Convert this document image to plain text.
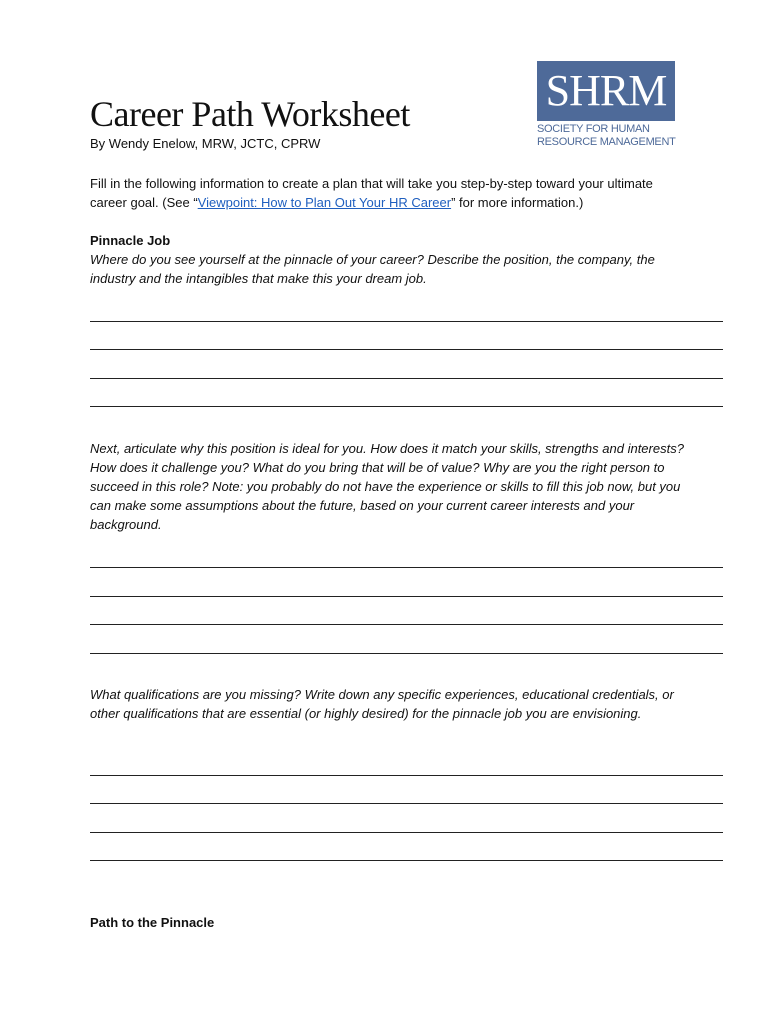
Career Path Worksheet
By Wendy Enelow, MRW, JCTC, CPRW
SHRM
SOCIETY FOR HUMAN
RESOURCE MANAGEMENT
Fill in the following information to create a plan that will take you step-by-step toward your ultimate career goal. (See “Viewpoint: How to Plan Out Your HR Career” for more information.)
Pinnacle Job
Where do you see yourself at the pinnacle of your career? Describe the position, the company, the industry and the intangibles that make this your dream job.
Next, articulate why this position is ideal for you. How does it match your skills, strengths and interests? How does it challenge you? What do you bring that will be of value? Why are you the right person to succeed in this role? Note: you probably do not have the experience or skills to fill this job now, but you can make some assumptions about the future, based on your current career interests and your background.
What qualifications are you missing? Write down any specific experiences, educational credentials, or other qualifications that are essential (or highly desired) for the pinnacle job you are envisioning.
Path to the Pinnacle
